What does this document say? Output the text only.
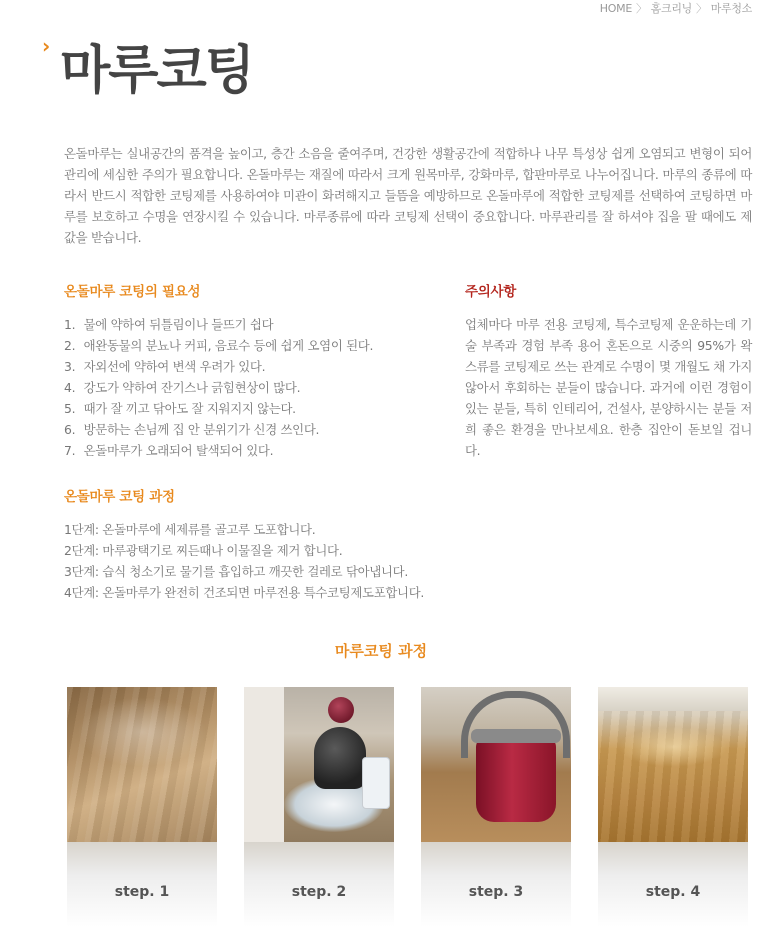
HOME 〉 홈크리닝 〉 마루청소
› 마루코팅

온돌마루는 실내공간의 품격을 높이고, 층간 소음을 줄여주며, 건강한 생활공간에 적합하나 나무 특성상 쉽게 오염되고 변형이 되어 관리에 세심한 주의가 필요합니다. 온돌마루는 재질에 따라서 크게 원목마루, 강화마루, 합판마루로 나누어집니다. 마루의 종류에 따라서 반드시 적합한 코팅제를 사용하여야 미관이 화려해지고 들뜸을 예방하므로 온돌마루에 적합한 코팅제를 선택하여 코팅하면 마루를 보호하고 수명을 연장시킬 수 있습니다. 마루종류에 따라 코팅제 선택이 중요합니다. 마루관리를 잘 하셔야 집을 팔 때에도 제 값을 받습니다.

온돌마루 코팅의 필요성
1. 물에 약하여 뒤틀림이나 들뜨기 쉽다
2. 애완동물의 분뇨나 커피, 음료수 등에 쉽게 오염이 된다.
3. 자외선에 약하여 변색 우려가 있다.
4. 강도가 약하여 잔기스나 긁힘현상이 많다.
5. 때가 잘 끼고 닦아도 잘 지워지지 않는다.
6. 방문하는 손님께 집 안 분위기가 신경 쓰인다.
7. 온돌마루가 오래되어 탈색되어 있다.
주의사항

업체마다 마루 전용 코팅제, 특수코팅제 운운하는데 기술 부족과 경험 부족 용어 혼돈으로 시중의 95%가 왁스류를 코팅제로 쓰는 관계로 수명이 몇 개월도 채 가지 않아서 후회하는 분들이 많습니다. 과거에 이런 경험이 있는 분들, 특히 인테리어, 건설사, 분양하시는 분들 저희 좋은 환경을 만나보세요. 한층 집안이 돋보일 겁니다.

온돌마루 코팅 과정
1단계: 온돌마루에 세제류를 골고루 도포합니다.
2단계: 마루광택기로 찌든때나 이물질을 제거 합니다.
3단계: 습식 청소기로 물기를 흡입하고 깨끗한 걸레로 닦아냅니다.
4단계: 온돌마루가 완전히 건조되면 마루전용 특수코팅제도포합니다.
마루코팅 과정

step. 1	step. 2	step. 3	step. 4
